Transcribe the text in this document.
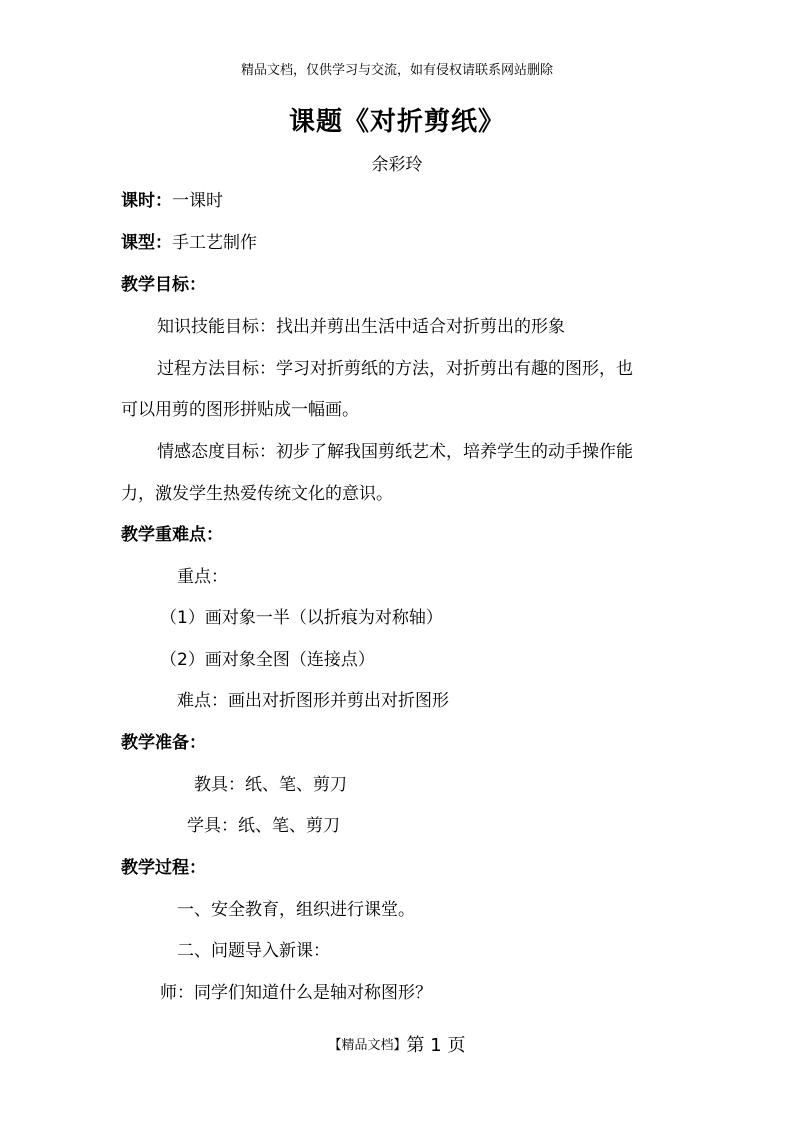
精品文档，仅供学习与交流，如有侵权请联系网站删除
课题《对折剪纸》
余彩玲
课时：一课时
课型：手工艺制作
教学目标：
知识技能目标：找出并剪出生活中适合对折剪出的形象
过程方法目标：学习对折剪纸的方法，对折剪出有趣的图形，也
可以用剪的图形拼贴成一幅画。
情感态度目标：初步了解我国剪纸艺术，培养学生的动手操作能
力，激发学生热爱传统文化的意识。
教学重难点：
重点：
（1）画对象一半（以折痕为对称轴）
（2）画对象全图（连接点）
难点：画出对折图形并剪出对折图形
教学准备：
教具：纸、笔、剪刀
学具：纸、笔、剪刀
教学过程：
一、安全教育，组织进行课堂。
二、问题导入新课：
师：同学们知道什么是轴对称图形？
【精品文档】第 1 页
